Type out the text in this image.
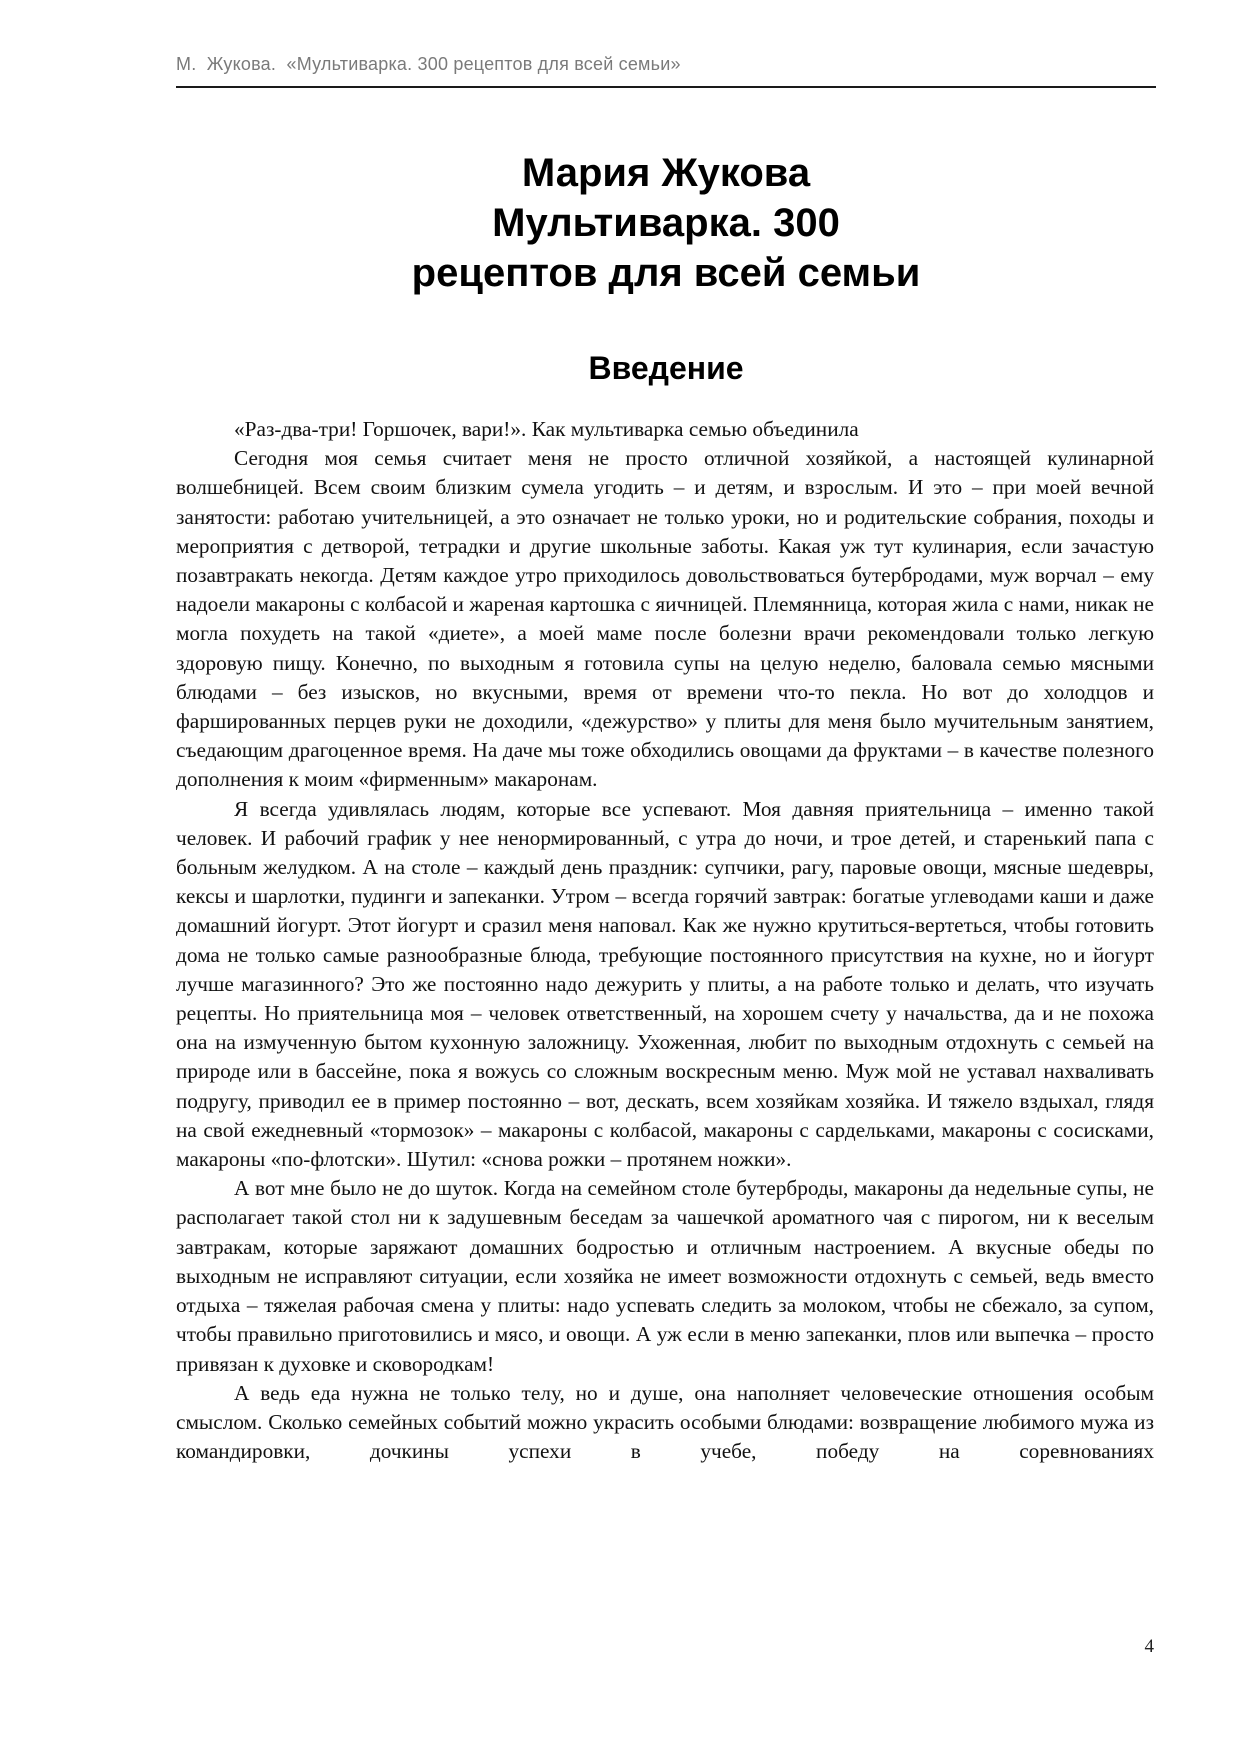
М.  Жукова.  «Мультиварка. 300 рецептов для всей семьи»
Мария Жукова
Мультиварка. 300
рецептов для всей семьи
Введение

«Раз-два-три! Горшочек, вари!». Как мультиварка семью объединила

Сегодня моя семья считает меня не просто отличной хозяйкой, а настоящей кулинарной волшебницей. Всем своим близким сумела угодить – и детям, и взрослым. И это – при моей вечной занятости: работаю учительницей, а это означает не только уроки, но и родительские собрания, походы и мероприятия с детворой, тетрадки и другие школьные заботы. Какая уж тут кулинария, если зачастую позавтракать некогда. Детям каждое утро приходилось довольствоваться бутербродами, муж ворчал – ему надоели макароны с колбасой и жареная картошка с яичницей. Племянница, которая жила с нами, никак не могла похудеть на такой «диете», а моей маме после болезни врачи рекомендовали только легкую здоровую пищу. Конечно, по выходным я готовила супы на целую неделю, баловала семью мясными блюдами – без изысков, но вкусными, время от времени что-то пекла. Но вот до холодцов и фаршированных перцев руки не доходили, «дежурство» у плиты для меня было мучительным занятием, съедающим драгоценное время. На даче мы тоже обходились овощами да фруктами – в качестве полезного дополнения к моим «фирменным» макаронам.

Я всегда удивлялась людям, которые все успевают. Моя давняя приятельница – именно такой человек. И рабочий график у нее ненормированный, с утра до ночи, и трое детей, и старенький папа с больным желудком. А на столе – каждый день праздник: супчики, рагу, паровые овощи, мясные шедевры, кексы и шарлотки, пудинги и запеканки. Утром – всегда горячий завтрак: богатые углеводами каши и даже домашний йогурт. Этот йогурт и сразил меня наповал. Как же нужно крутиться-вертеться, чтобы готовить дома не только самые разнообразные блюда, требующие постоянного присутствия на кухне, но и йогурт лучше магазинного? Это же постоянно надо дежурить у плиты, а на работе только и делать, что изучать рецепты. Но приятельница моя – человек ответственный, на хорошем счету у начальства, да и не похожа она на измученную бытом кухонную заложницу. Ухоженная, любит по выходным отдохнуть с семьей на природе или в бассейне, пока я вожусь со сложным воскресным меню. Муж мой не уставал нахваливать подругу, приводил ее в пример постоянно – вот, дескать, всем хозяйкам хозяйка. И тяжело вздыхал, глядя на свой ежедневный «тормозок» – макароны с колбасой, макароны с сардельками, макароны с сосисками, макароны «по-флотски». Шутил: «снова рожки – протянем ножки».

А вот мне было не до шуток. Когда на семейном столе бутерброды, макароны да недельные супы, не располагает такой стол ни к задушевным беседам за чашечкой ароматного чая с пирогом, ни к веселым завтракам, которые заряжают домашних бодростью и отличным настроением. А вкусные обеды по выходным не исправляют ситуации, если хозяйка не имеет возможности отдохнуть с семьей, ведь вместо отдыха – тяжелая рабочая смена у плиты: надо успевать следить за молоком, чтобы не сбежало, за супом, чтобы правильно приготовились и мясо, и овощи. А уж если в меню запеканки, плов или выпечка – просто привязан к духовке и сковородкам!

А ведь еда нужна не только телу, но и душе, она наполняет человеческие отношения особым смыслом. Сколько семейных событий можно украсить особыми блюдами: возвращение любимого мужа из командировки, дочкины успехи в учебе, победу на соревнованиях

4
